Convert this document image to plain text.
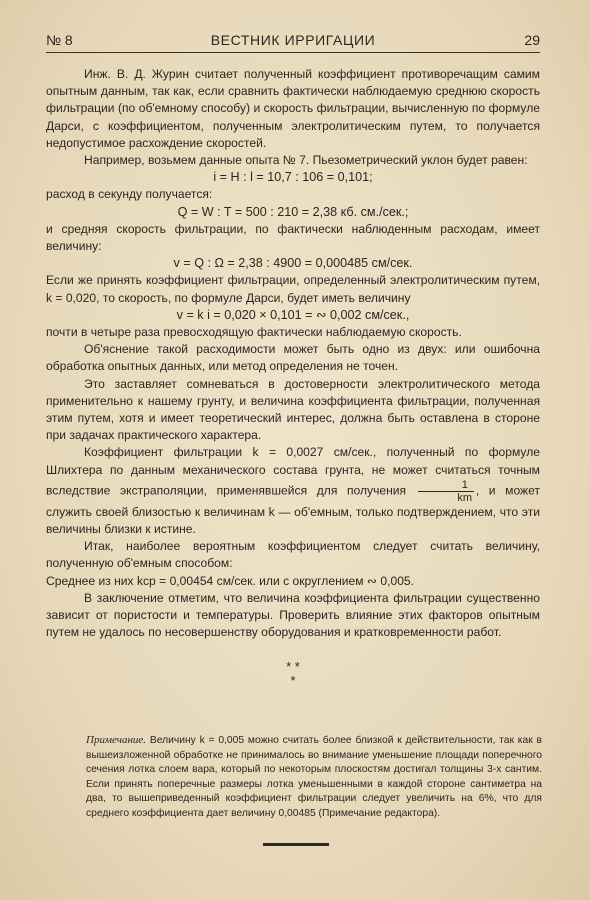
№ 8	ВЕСТНИК ИРРИГАЦИИ	29

Инж. В. Д. Журин считает полученный коэффициент противоречащим самим опытным данным, так как, если сравнить фактически наблюдаемую среднюю скорость фильтрации (по об'емному способу) и скорость фильтрации, вычисленную по формуле Дарси, с коэффициентом, полученным электролитическим путем, то получается недопустимое расхождение скоростей.

Например, возьмем данные опыта № 7. Пьезометрический уклон будет равен:

i = H : l = 10,7 : 106 = 0,101;

расход в секунду получается:

Q = W : T = 500 : 210 = 2,38 кб. см./сек.;

и средняя скорость фильтрации, по фактически наблюденным расходам, имеет величину:

v = Q : Ω = 2,38 : 4900 = 0,000485 см/сек.

Если же принять коэффициент фильтрации, определенный электролитическим путем, k = 0,020, то скорость, по формуле Дарси, будет иметь величину

v = k i = 0,020 × 0,101 = ∾ 0,002 см/сек.,

почти в четыре раза превосходящую фактически наблюдаемую скорость.

Об'яснение такой расходимости может быть одно из двух: или ошибочна обработка опытных данных, или метод определения не точен.

Это заставляет сомневаться в достоверности электролитического метода применительно к нашему грунту, и величина коэффициента фильтрации, полученная этим путем, хотя и имеет теоретический интерес, должна быть оставлена в стороне при задачах практического характера.

Коэффициент фильтрации k = 0,0027 см/сек., полученный по формуле Шлихтера по данным механического состава грунта, не может считаться точным вследствие экстраполяции, применявшейся для получения $\frac{1}{km}$ , и может служить своей близостью к величинам k — об'емным, только подтверждением, что эти величины близки к истине.

Итак, наиболее вероятным коэффициентом следует считать величину, полученную об'емным способом:

Среднее из них kср = 0,00454 см/сек. или с округлением ∾ 0,005.

В заключение отметим, что величина коэффициента фильтрации существенно зависит от пористости и температуры. Проверить влияние этих факторов опытным путем не удалось по несовершенству оборудования и кратковременности работ.

* *
*
Примечание. Величину k = 0,005 можно считать более близкой к действительности, так как в вышеизложенной обработке не принималось во внимание уменьшение площади поперечного сечения лотка слоем вара, который по некоторым плоскостям достигал толщины 3-х сантим. Если принять поперечные размеры лотка уменьшенными в каждой стороне сантиметра на два, то вышеприведенный коэффициент фильтрации следует увеличить на 6%, что для среднего коэффициента дает величину 0,00485 (Примечание редактора).
